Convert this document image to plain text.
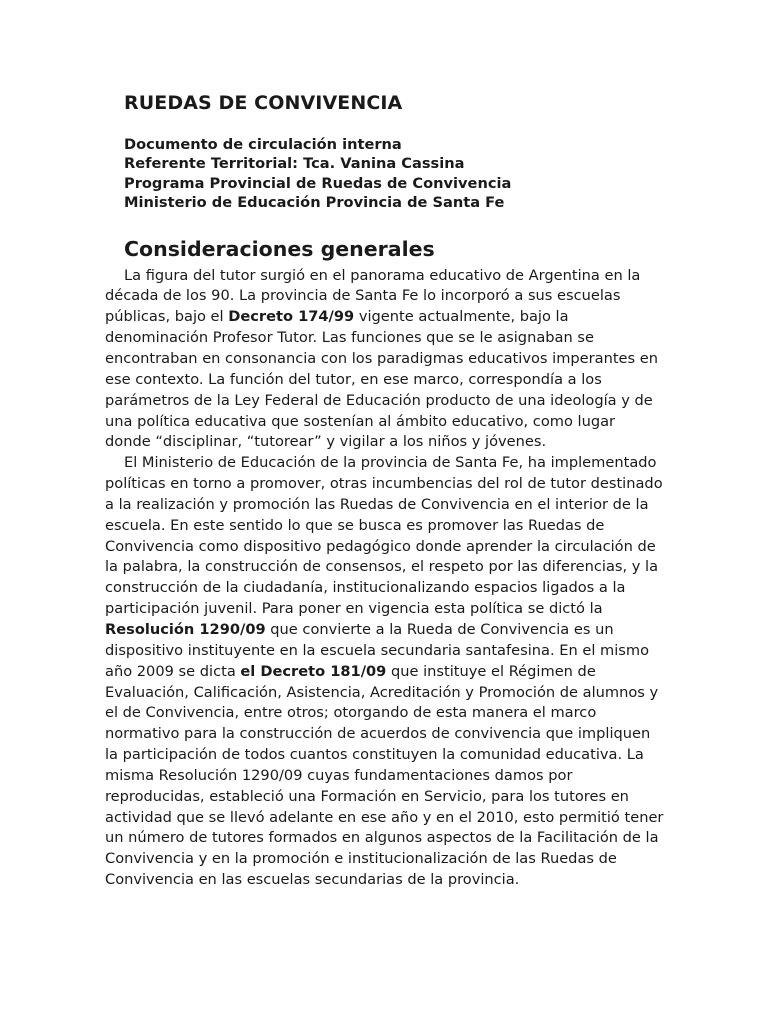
RUEDAS DE CONVIVENCIA
Documento de circulación interna
Referente Territorial: Tca. Vanina Cassina
Programa Provincial de Ruedas de Convivencia
Ministerio de Educación Provincia de Santa Fe
Consideraciones generales

La figura del tutor surgió en el panorama educativo de Argentina en la década de los 90. La provincia de Santa Fe lo incorporó a sus escuelas públicas, bajo el Decreto 174/99 vigente actualmente, bajo la denominación Profesor Tutor. Las funciones que se le asignaban se encontraban en consonancia con los paradigmas educativos imperantes en ese contexto. La función del tutor, en ese marco, correspondía a los parámetros de la Ley Federal de Educación producto de una ideología y de una política educativa que sostenían al ámbito educativo, como lugar donde “disciplinar, “tutorear” y vigilar a los niños y jóvenes.

El Ministerio de Educación de la provincia de Santa Fe, ha implementado políticas en torno a promover, otras incumbencias del rol de tutor destinado a la realización y promoción las Ruedas de Convivencia en el interior de la escuela. En este sentido lo que se busca es promover las Ruedas de Convivencia como dispositivo pedagógico donde aprender la circulación de la palabra, la construcción de consensos, el respeto por las diferencias, y la construcción de la ciudadanía, institucionalizando espacios ligados a la participación juvenil. Para poner en vigencia esta política se dictó la Resolución 1290/09 que convierte a la Rueda de Convivencia es un dispositivo instituyente en la escuela secundaria santafesina. En el mismo año 2009 se dicta el Decreto 181/09 que instituye el Régimen de Evaluación, Calificación, Asistencia, Acreditación y Promoción de alumnos y el de Convivencia, entre otros; otorgando de esta manera el marco normativo para la construcción de acuerdos de convivencia que impliquen la participación de todos cuantos constituyen la comunidad educativa. La misma Resolución 1290/09 cuyas fundamentaciones damos por reproducidas, estableció una Formación en Servicio, para los tutores en actividad que se llevó adelante en ese año y en el 2010, esto permitió tener un número de tutores formados en algunos aspectos de la Facilitación de la Convivencia y en la promoción e institucionalización de las Ruedas de Convivencia en las escuelas secundarias de la provincia.
